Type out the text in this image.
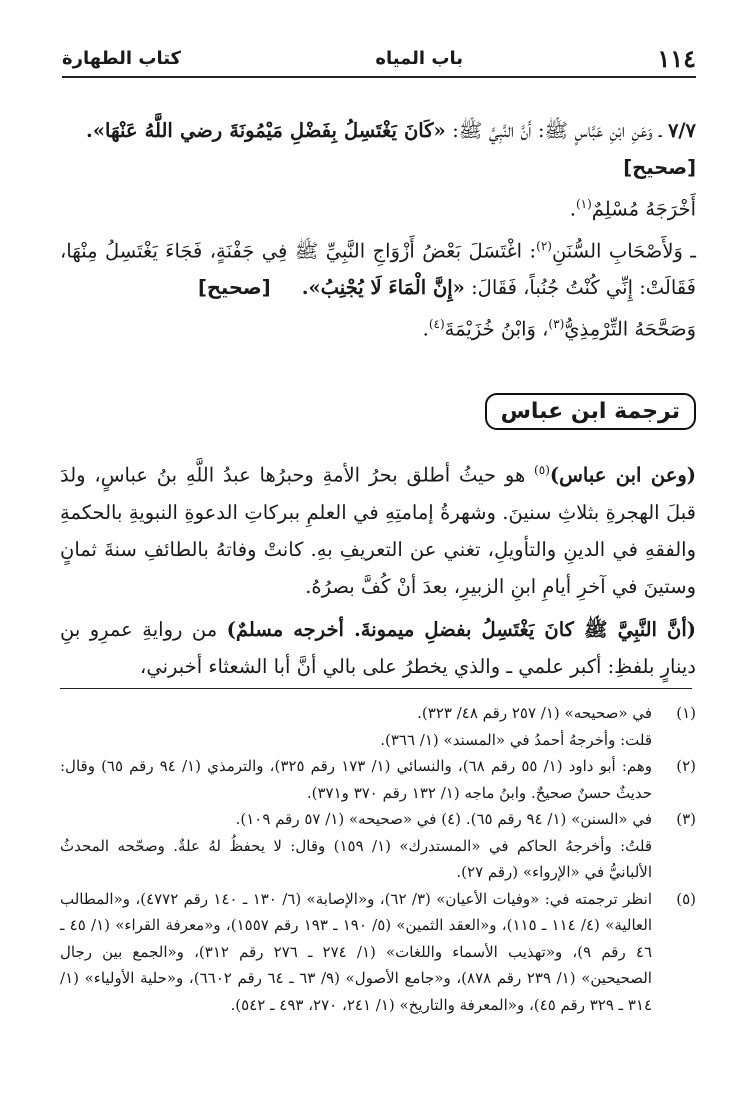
١١٤
باب المياه
كتاب الطهارة

٧/٧ ـ وَعَنِ ابْنِ عَبَّاسٍ ﷺ: أَنَّ النَّبِيَّ ﷺ: «كَانَ يَغْتَسِلُ بِفَضْلِ مَيْمُونَةَ رضي اللَّهُ عَنْهَا».     [صحيح]

أَخْرَجَهُ مُسْلِمٌ$^{(١)}$.

ـ وَلأَصْحَابِ السُّنَنِ$^{(٢)}$: اغْتَسَلَ بَعْضُ أَزْوَاجِ النَّبِيِّ ﷺ فِي جَفْنَةٍ، فَجَاءَ يَغْتَسِلُ مِنْهَا، فَقَالَتْ: إِنِّي كُنْتُ جُنُباً، فَقَالَ: «إِنَّ الْمَاءَ لَا يُجْنِبُ».     [صحيح]

وَصَحَّحَهُ التِّرْمِذِيُّ$^{(٣)}$، وَابْنُ خُزَيْمَةَ$^{(٤)}$.

ترجمة ابن عباس

(وعن ابن عباس)$^{(٥)}$ هو حيثُ أطلق بحرُ الأمةِ وحبرُها عبدُ اللَّهِ بنُ عباسٍ، ولدَ قبلَ الهجرةِ بثلاثِ سنينَ. وشهرةُ إمامتِهِ في العلمِ ببركاتِ الدعوةِ النبويةِ بالحكمةِ والفقهِ في الدينِ والتأويلِ، تغني عن التعريفِ بهِ. كانتْ وفاتهُ بالطائفِ سنةَ ثمانٍ وستينَ في آخرِ أيامِ ابنِ الزبيرِ، بعدَ أنْ كُفَّ بصرُهُ.

(أنَّ النَّبِيَّ ﷺ كانَ يَغْتَسِلُ بفضلِ ميمونةَ. أخرجه مسلمٌ) من روايةِ عمرِو بنِ دينارٍ بلفظِ: أكبر علمي ـ والذي يخطرُ على بالي أنَّ أبا الشعثاء أخبرني،

(١)
في «صحيحه» (١/ ٢٥٧ رقم ٤٨/ ٣٢٣).
قلت: وأخرجهُ أحمدُ في «المسند» (١/ ٣٦٦).
(٢)
وهم: أبو داود (١/ ٥٥ رقم ٦٨)، والنسائي (١/ ١٧٣ رقم ٣٢٥)، والترمذي (١/ ٩٤ رقم ٦٥) وقال: حديثٌ حسنٌ صحيحٌ. وابنُ ماجه (١/ ١٣٢ رقم ٣٧٠ و٣٧١).
(٣)
في «السنن» (١/ ٩٤ رقم ٦٥). (٤) في «صحيحه» (١/ ٥٧ رقم ١٠٩).
قلتُ: وأخرجهُ الحاكم في «المستدرك» (١/ ١٥٩) وقال: لا يحفظُ لهُ علةٌ. وصحّحه المحدثُ الألبانيُّ في «الإرواء» (رقم ٢٧).
(٥)
انظر ترجمته في: «وفيات الأعيان» (٣/ ٦٢)، و«الإصابة» (٦/ ١٣٠ ـ ١٤٠ رقم ٤٧٧٢)، و«المطالب العالية» (٤/ ١١٤ ـ ١١٥)، و«العقد الثمين» (٥/ ١٩٠ ـ ١٩٣ رقم ١٥٥٧)، و«معرفة القراء» (١/ ٤٥ ـ ٤٦ رقم ٩)، و«تهذيب الأسماء واللغات» (١/ ٢٧٤ ـ ٢٧٦ رقم ٣١٢)، و«الجمع بين رجال الصحيحين» (١/ ٢٣٩ رقم ٨٧٨)، و«جامع الأصول» (٩/ ٦٣ ـ ٦٤ رقم ٦٦٠٢)، و«حلية الأولياء» (١/ ٣١٤ ـ ٣٢٩ رقم ٤٥)، و«المعرفة والتاريخ» (١/ ٢٤١، ٢٧٠، ٤٩٣ ـ ٥٤٢).
